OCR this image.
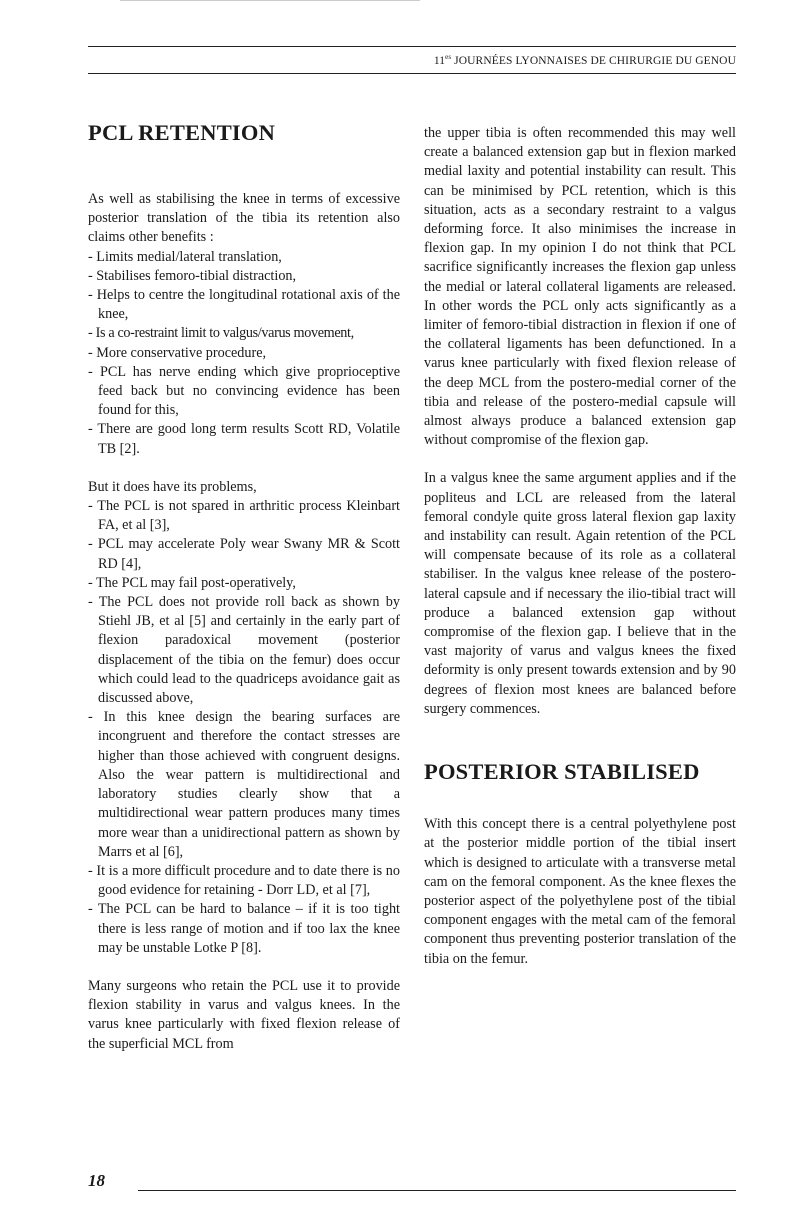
$11^{es}$ JOURNÉES LYONNAISES DE CHIRURGIE DU GENOU
PCL RETENTION

As well as stabilising the knee in terms of excessive posterior translation of the tibia its retention also claims other benefits :

- Limits medial/lateral translation,
- Stabilises femoro-tibial distraction,
- Helps to centre the longitudinal rotational axis of the knee,
- Is a co-restraint limit to valgus/varus movement,
- More conservative procedure,
- PCL has nerve ending which give proprioceptive feed back but no convincing evidence has been found for this,
- There are good long term results Scott RD, Volatile TB [2].

But it does have its problems,

- The PCL is not spared in arthritic process Kleinbart FA, et al [3],
- PCL may accelerate Poly wear Swany MR & Scott RD [4],
- The PCL may fail post-operatively,
- The PCL does not provide roll back as shown by Stiehl JB, et al [5] and certainly in the early part of flexion paradoxical movement (posterior displacement of the tibia on the femur) does occur which could lead to the quadriceps avoidance gait as discussed above,
- In this knee design the bearing surfaces are incongruent and therefore the contact stresses are higher than those achieved with congruent designs. Also the wear pattern is multidirectional and laboratory studies clearly show that a multidirectional wear pattern produces many times more wear than a unidirectional pattern as shown by Marrs et al [6],
- It is a more difficult procedure and to date there is no good evidence for retaining - Dorr LD, et al [7],
- The PCL can be hard to balance – if it is too tight there is less range of motion and if too lax the knee may be unstable Lotke P [8].

Many surgeons who retain the PCL use it to provide flexion stability in varus and valgus knees. In the varus knee particularly with fixed flexion release of the superficial MCL from

the upper tibia is often recommended this may well create a balanced extension gap but in flexion marked medial laxity and potential instability can result. This can be minimised by PCL retention, which is this situation, acts as a secondary restraint to a valgus deforming force. It also minimises the increase in flexion gap. In my opinion I do not think that PCL sacrifice significantly increases the flexion gap unless the medial or lateral collateral ligaments are released. In other words the PCL only acts significantly as a limiter of femoro-tibial distraction in flexion if one of the collateral ligaments has been defunctioned. In a varus knee particularly with fixed flexion release of the deep MCL from the postero-medial corner of the tibia and release of the postero-medial capsule will almost always produce a balanced extension gap without compromise of the flexion gap.

In a valgus knee the same argument applies and if the popliteus and LCL are released from the lateral femoral condyle quite gross lateral flexion gap laxity and instability can result. Again retention of the PCL will compensate because of its role as a collateral stabiliser. In the valgus knee release of the postero-lateral capsule and if necessary the ilio-tibial tract will produce a balanced extension gap without compromise of the flexion gap. I believe that in the vast majority of varus and valgus knees the fixed deformity is only present towards extension and by 90 degrees of flexion most knees are balanced before surgery commences.

POSTERIOR STABILISED

With this concept there is a central polyethylene post at the posterior middle portion of the tibial insert which is designed to articulate with a transverse metal cam on the femoral component. As the knee flexes the posterior aspect of the polyethylene post of the tibial component engages with the metal cam of the femoral component thus preventing posterior translation of the tibia on the femur.

18
